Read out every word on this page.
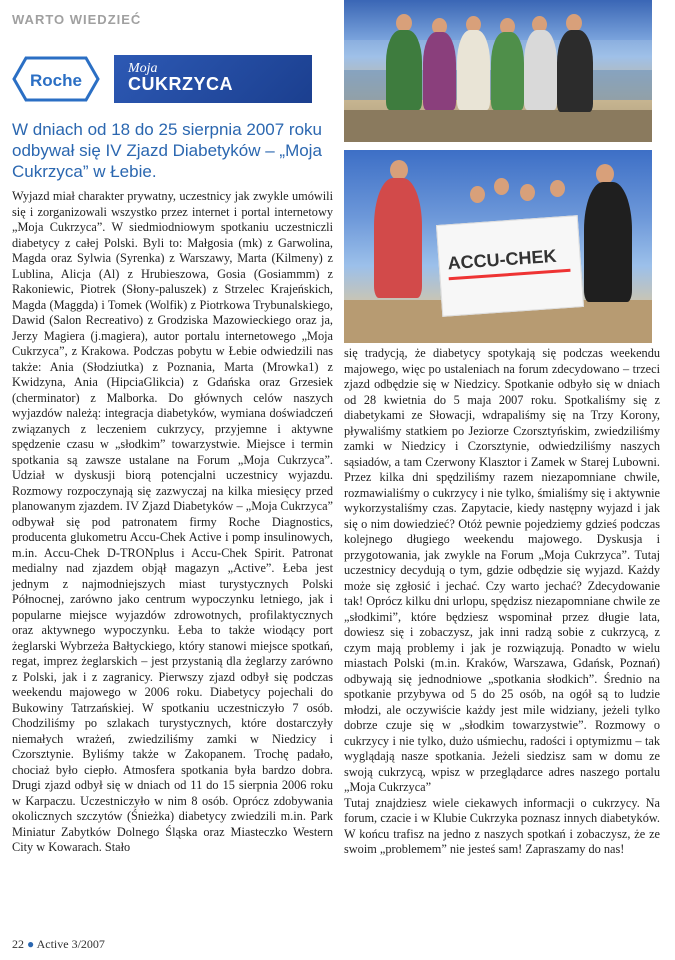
WARTO WIEDZIEĆ
Roche
Moja
CUKRZYCA
W dniach od 18 do 25 sierpnia 2007 roku odbywał się IV Zjazd Diabetyków – „Moja Cukrzyca” w Łebie.

Wyjazd miał charakter prywatny, uczestnicy jak zwykle umówili się i zorganizowali wszystko przez internet i portal internetowy „Moja Cukrzyca”. W siedmiodniowym spotkaniu uczestniczli diabetycy z całej Polski. Byli to: Małgosia (mk) z Garwolina, Magda oraz Sylwia (Syrenka) z Warszawy, Marta (Kilmeny) z Lublina, Alicja (Al) z Hrubieszowa, Gosia (Gosiammm) z Rakoniewic, Piotrek (Słony-paluszek) z Strzelec Krajeńskich, Magda (Maggda) i Tomek (Wolfik) z Piotrkowa Trybunalskiego, Dawid (Salon Recreativo) z Grodziska Mazowieckiego oraz ja, Jerzy Magiera (j.magiera), autor portalu internetowego „Moja Cukrzyca”, z Krakowa. Podczas pobytu w Łebie odwiedzili nas także: Ania (Słodziutka) z Poznania, Marta (Mrowka1) z Kwidzyna, Ania (HipciaGlikcia) z Gdańska oraz Grzesiek (cherminator) z Malborka. Do głównych celów naszych wyjazdów należą: integracja diabetyków, wymiana doświadczeń związanych z leczeniem cukrzycy, przyjemne i aktywne spędzenie czasu w „słodkim” towarzystwie. Miejsce i termin spotkania są zawsze ustalane na Forum „Moja Cukrzyca”. Udział w dyskusji biorą potencjalni uczestnicy wyjazdu. Rozmowy rozpoczynają się zazwyczaj na kilka miesięcy przed planowanym zjazdem. IV Zjazd Diabetyków – „Moja Cukrzyca” odbywał się pod patronatem firmy Roche Diagnostics, producenta glukometru Accu-Chek Active i pomp insulinowych, m.in. Accu-Chek D-TRONplus i Accu-Chek Spirit. Patronat medialny nad zjazdem objął magazyn „Active”. Łeba jest jednym z najmodniejszych miast turystycznych Polski Północnej, zarówno jako centrum wypoczynku letniego, jak i popularne miejsce wyjazdów zdrowotnych, profilaktycznych oraz aktywnego wypoczynku. Łeba to także wiodący port żeglarski Wybrzeża Bałtyckiego, który stanowi miejsce spotkań, regat, imprez żeglarskich – jest przystanią dla żeglarzy zarówno z Polski, jak i z zagranicy. Pierwszy zjazd odbył się podczas weekendu majowego w 2006 roku. Diabetycy pojechali do Bukowiny Tatrzańskiej. W spotkaniu uczestniczyło 7 osób. Chodziliśmy po szlakach turystycznych, które dostarczyły niemałych wrażeń, zwiedziliśmy zamki w Niedzicy i Czorsztynie. Byliśmy także w Zakopanem. Trochę padało, chociaż było ciepło. Atmosfera spotkania była bardzo dobra. Drugi zjazd odbył się w dniach od 11 do 15 sierpnia 2006 roku w Karpaczu. Uczestniczyło w nim 8 osób. Oprócz zdobywania okolicznych szczytów (Śnieżka) diabetycy zwiedzili m.in. Park Miniatur Zabytków Dolnego Śląska oraz Miasteczko Western City w Kowarach. Stało

ACCU-CHEK

się tradycją, że diabetycy spotykają się podczas weekendu majowego, więc po ustaleniach na forum zdecydowano – trzeci zjazd odbędzie się w Niedzicy. Spotkanie odbyło się w dniach od 28 kwietnia do 5 maja 2007 roku. Spotkaliśmy się z diabetykami ze Słowacji, wdrapaliśmy się na Trzy Korony, pływaliśmy statkiem po Jeziorze Czorsztyńskim, zwiedziliśmy zamki w Niedzicy i Czorsztynie, odwiedziliśmy naszych sąsiadów, a tam Czerwony Klasztor i Zamek w Starej Lubowni. Przez kilka dni spędziliśmy razem niezapomniane chwile, rozmawialiśmy o cukrzycy i nie tylko, śmialiśmy się i aktywnie wykorzystaliśmy czas. Zapytacie, kiedy następny wyjazd i jak się o nim dowiedzieć? Otóż pewnie pojedziemy gdzieś podczas kolejnego długiego weekendu majowego. Dyskusja i przygotowania, jak zwykle na Forum „Moja Cukrzyca”. Tutaj uczestnicy decydują o tym, gdzie odbędzie się wyjazd. Każdy może się zgłosić i jechać. Czy warto jechać? Zdecydowanie tak! Oprócz kilku dni urlopu, spędzisz niezapomniane chwile ze „słodkimi”, które będziesz wspominał przez długie lata, dowiesz się i zobaczysz, jak inni radzą sobie z cukrzycą, z czym mają problemy i jak je rozwiązują. Ponadto w wielu miastach Polski (m.in. Kraków, Warszawa, Gdańsk, Poznań) odbywają się jednodniowe „spotkania słodkich”. Średnio na spotkanie przybywa od 5 do 25 osób, na ogół są to ludzie młodzi, ale oczywiście każdy jest mile widziany, jeżeli tylko dobrze czuje się w „słodkim towarzystwie”. Rozmowy o cukrzycy i nie tylko, dużo uśmiechu, radości i optymizmu – tak wyglądają nasze spotkania. Jeżeli siedzisz sam w domu ze swoją cukrzycą, wpisz w przeglądarce adres naszego portalu „Moja Cukrzyca”

Tutaj znajdziesz wiele ciekawych informacji o cukrzycy. Na forum, czacie i w Klubie Cukrzyka poznasz innych diabetyków. W końcu trafisz na jedno z naszych spotkań i zobaczysz, że ze swoim „problemem” nie jesteś sam! Zapraszamy do nas!

22 ● Active 3/2007
